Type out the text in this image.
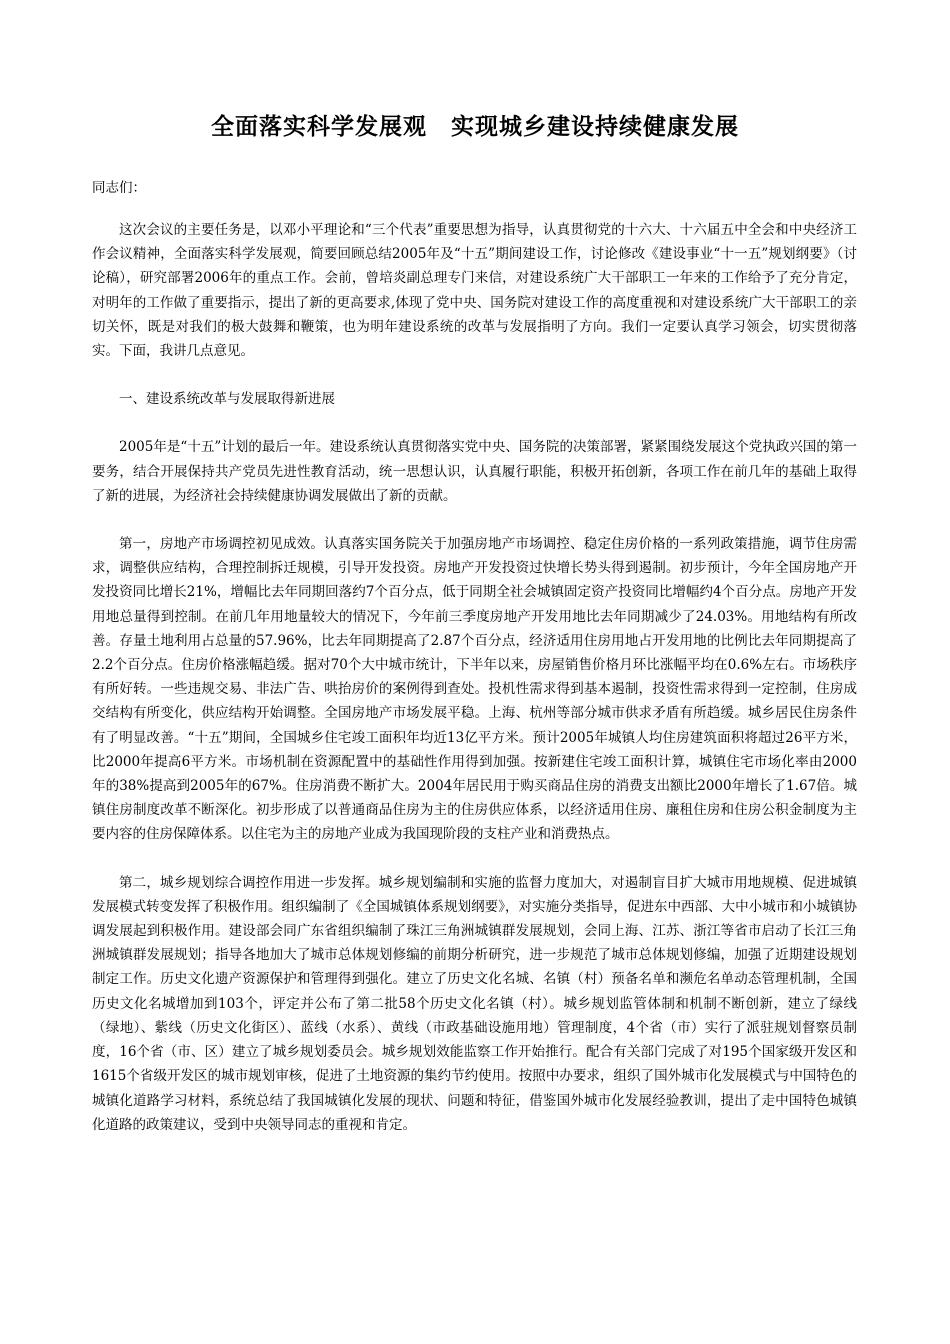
全面落实科学发展观　实现城乡建设持续健康发展
同志们：

这次会议的主要任务是，以邓小平理论和“三个代表”重要思想为指导，认真贯彻党的十六大、十六届五中全会和中央经济工作会议精神，全面落实科学发展观，简要回顾总结2005年及“十五”期间建设工作，讨论修改《建设事业“十一五”规划纲要》（讨论稿），研究部署2006年的重点工作。会前，曾培炎副总理专门来信，对建设系统广大干部职工一年来的工作给予了充分肯定，对明年的工作做了重要指示，提出了新的更高要求,体现了党中央、国务院对建设工作的高度重视和对建设系统广大干部职工的亲切关怀，既是对我们的极大鼓舞和鞭策，也为明年建设系统的改革与发展指明了方向。我们一定要认真学习领会，切实贯彻落实。下面，我讲几点意见。

一、建设系统改革与发展取得新进展

2005年是“十五”计划的最后一年。建设系统认真贯彻落实党中央、国务院的决策部署，紧紧围绕发展这个党执政兴国的第一要务，结合开展保持共产党员先进性教育活动，统一思想认识，认真履行职能，积极开拓创新，各项工作在前几年的基础上取得了新的进展，为经济社会持续健康协调发展做出了新的贡献。

第一，房地产市场调控初见成效。认真落实国务院关于加强房地产市场调控、稳定住房价格的一系列政策措施，调节住房需求，调整供应结构，合理控制拆迁规模，引导开发投资。房地产开发投资过快增长势头得到遏制。初步预计，今年全国房地产开发投资同比增长21%，增幅比去年同期回落约7个百分点，低于同期全社会城镇固定资产投资同比增幅约4个百分点。房地产开发用地总量得到控制。在前几年用地量较大的情况下，今年前三季度房地产开发用地比去年同期减少了24.03%。用地结构有所改善。存量土地利用占总量的57.96%，比去年同期提高了2.87个百分点，经济适用住房用地占开发用地的比例比去年同期提高了2.2个百分点。住房价格涨幅趋缓。据对70个大中城市统计，下半年以来，房屋销售价格月环比涨幅平均在0.6%左右。市场秩序有所好转。一些违规交易、非法广告、哄抬房价的案例得到查处。投机性需求得到基本遏制，投资性需求得到一定控制，住房成交结构有所变化，供应结构开始调整。全国房地产市场发展平稳。上海、杭州等部分城市供求矛盾有所趋缓。城乡居民住房条件有了明显改善。“十五”期间，全国城乡住宅竣工面积年均近13亿平方米。预计2005年城镇人均住房建筑面积将超过26平方米，比2000年提高6平方米。市场机制在资源配置中的基础性作用得到加强。按新建住宅竣工面积计算，城镇住宅市场化率由2000年的38%提高到2005年的67%。住房消费不断扩大。2004年居民用于购买商品住房的消费支出额比2000年增长了1.67倍。城镇住房制度改革不断深化。初步形成了以普通商品住房为主的住房供应体系，以经济适用住房、廉租住房和住房公积金制度为主要内容的住房保障体系。以住宅为主的房地产业成为我国现阶段的支柱产业和消费热点。

第二，城乡规划综合调控作用进一步发挥。城乡规划编制和实施的监督力度加大，对遏制盲目扩大城市用地规模、促进城镇发展模式转变发挥了积极作用。组织编制了《全国城镇体系规划纲要》，对实施分类指导，促进东中西部、大中小城市和小城镇协调发展起到积极作用。建设部会同广东省组织编制了珠江三角洲城镇群发展规划，会同上海、江苏、浙江等省市启动了长江三角洲城镇群发展规划；指导各地加大了城市总体规划修编的前期分析研究，进一步规范了城市总体规划修编，加强了近期建设规划制定工作。历史文化遗产资源保护和管理得到强化。建立了历史文化名城、名镇（村）预备名单和濒危名单动态管理机制，全国历史文化名城增加到103个，评定并公布了第二批58个历史文化名镇（村）。城乡规划监管体制和机制不断创新，建立了绿线（绿地）、紫线（历史文化街区）、蓝线（水系）、黄线（市政基础设施用地）管理制度，4个省（市）实行了派驻规划督察员制度，16个省（市、区）建立了城乡规划委员会。城乡规划效能监察工作开始推行。配合有关部门完成了对195个国家级开发区和1615个省级开发区的城市规划审核，促进了土地资源的集约节约使用。按照中办要求，组织了国外城市化发展模式与中国特色的城镇化道路学习材料，系统总结了我国城镇化发展的现状、问题和特征，借鉴国外城市化发展经验教训，提出了走中国特色城镇化道路的政策建议，受到中央领导同志的重视和肯定。
